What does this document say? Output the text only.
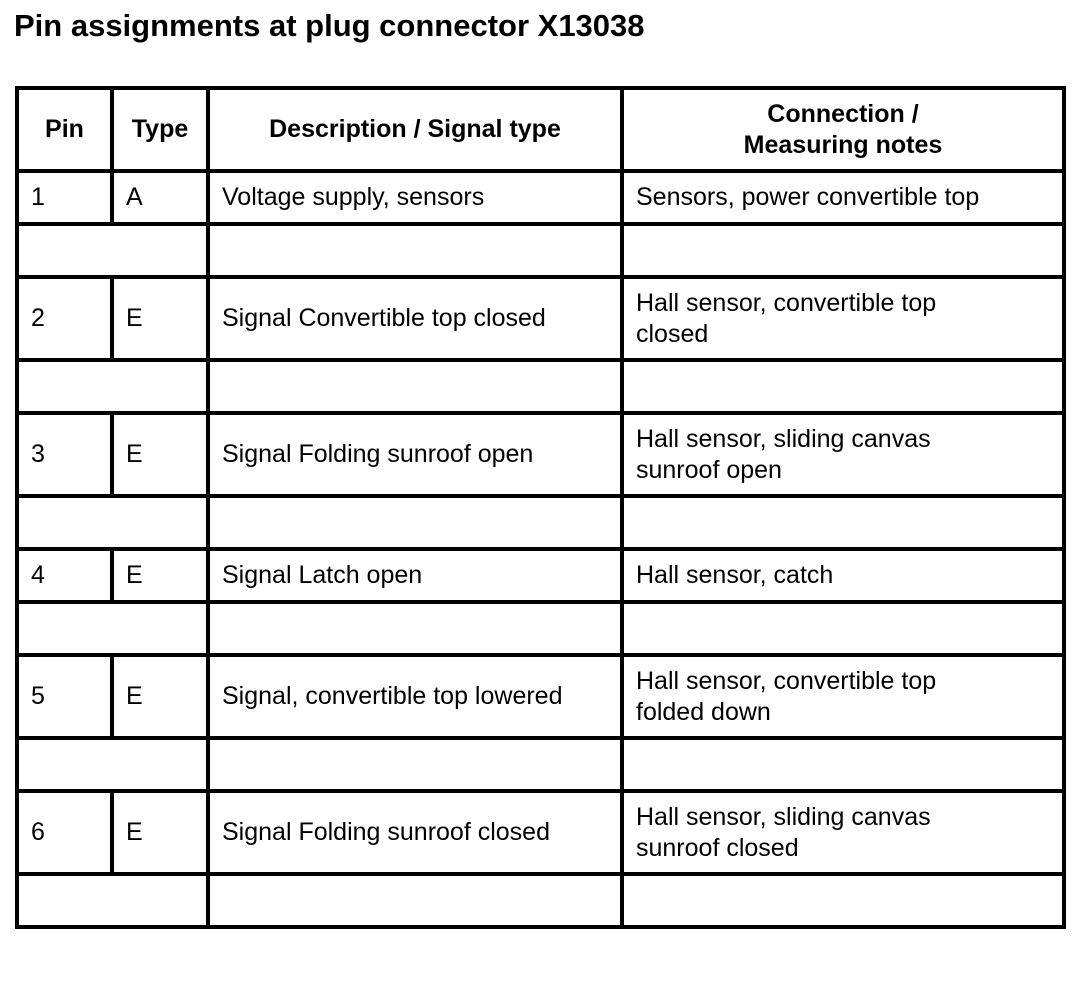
Pin assignments at plug connector X13038
Pin	Type	Description / Signal type	Connection /
Measuring notes
1	A	Voltage supply, sensors	Sensors, power convertible top

2	E	Signal Convertible top closed	Hall sensor, convertible top
closed

3	E	Signal Folding sunroof open	Hall sensor, sliding canvas
sunroof open

4	E	Signal Latch open	Hall sensor, catch

5	E	Signal, convertible top lowered	Hall sensor, convertible top
folded down

6	E	Signal Folding sunroof closed	Hall sensor, sliding canvas
sunroof closed
